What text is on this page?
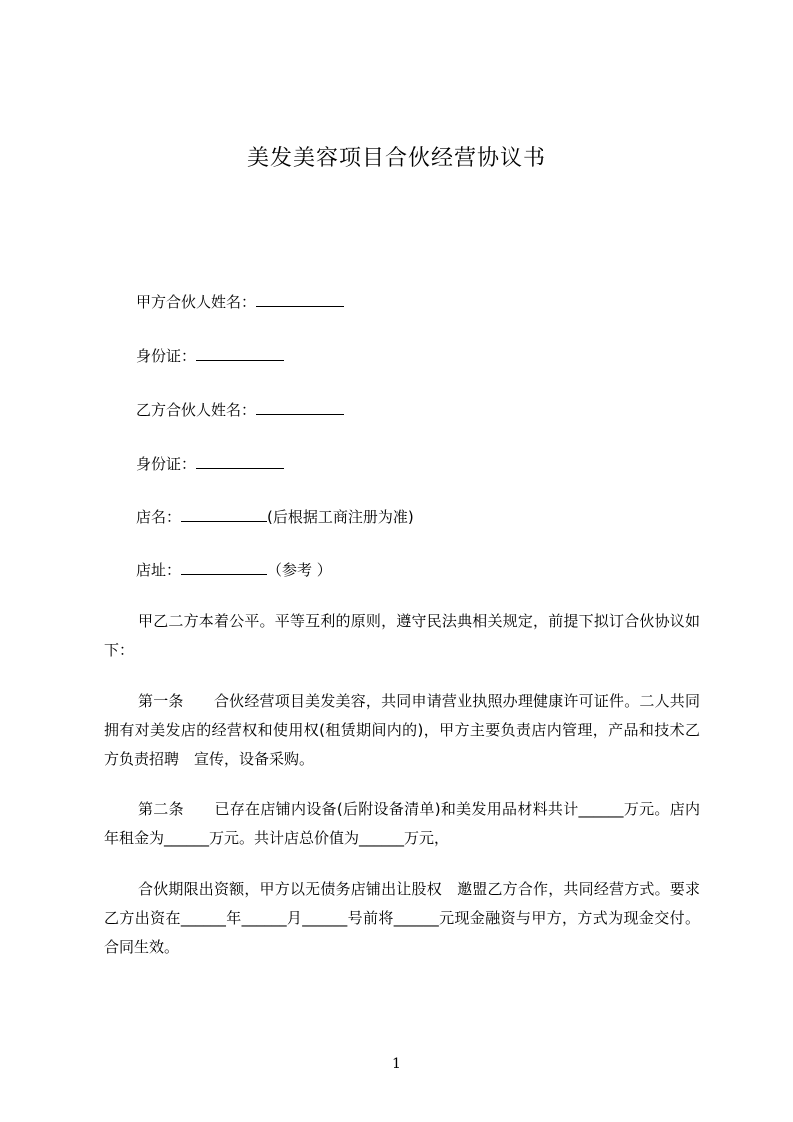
美发美容项目合伙经营协议书
甲方合伙人姓名：
身份证：
乙方合伙人姓名：
身份证：
店名：	(后根据工商注册为准)
店址：	（参考 ）
甲乙二方本着公平。平等互利的原则，遵守民法典相关规定，前提下拟订合伙协议如下：
第一条　　合伙经营项目美发美容，共同申请营业执照办理健康许可证件。二人共同拥有对美发店的经营权和使用权(租赁期间内的)，甲方主要负责店内管理，产品和技术乙方负责招聘　宣传，设备采购。
第二条　　已存在店铺内设备(后附设备清单)和美发用品材料共计______万元。店内年租金为______万元。共计店总价值为______万元，
合伙期限出资额，甲方以无债务店铺出让股权　邀盟乙方合作，共同经营方式。要求乙方出资在______年______月______号前将______元现金融资与甲方，方式为现金交付。合同生效。
1
